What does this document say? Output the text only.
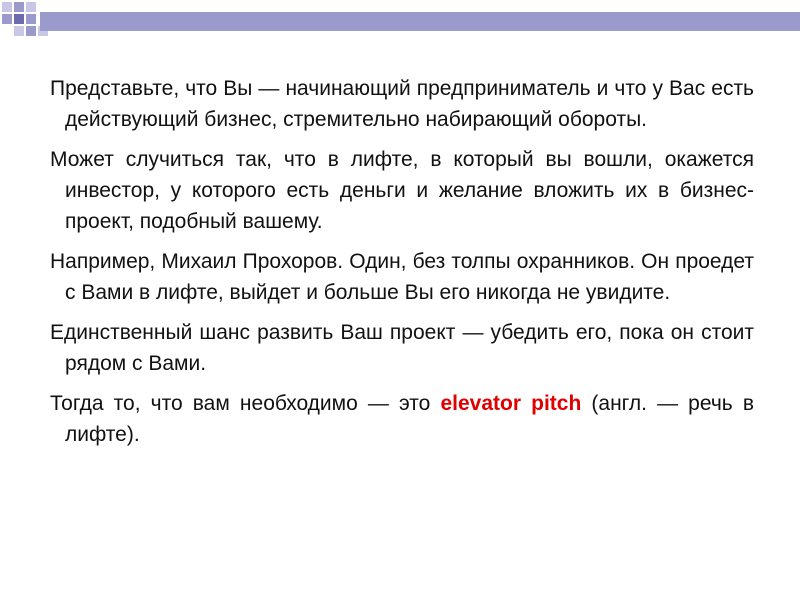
Представьте, что Вы — начинающий предприниматель и что у Вас есть действующий бизнес, стремительно набирающий обороты.

Может случиться так, что в лифте, в который вы вошли, окажется инвестор, у которого есть деньги и желание вложить их в бизнес-проект, подобный вашему.

Например, Михаил Прохоров. Один, без толпы охранников. Он проедет с Вами в лифте, выйдет и больше Вы его никогда не увидите.

Единственный шанс развить Ваш проект — убедить его, пока он стоит рядом с Вами.

Тогда то, что вам необходимо — это elevator pitch (англ. — речь в лифте).
